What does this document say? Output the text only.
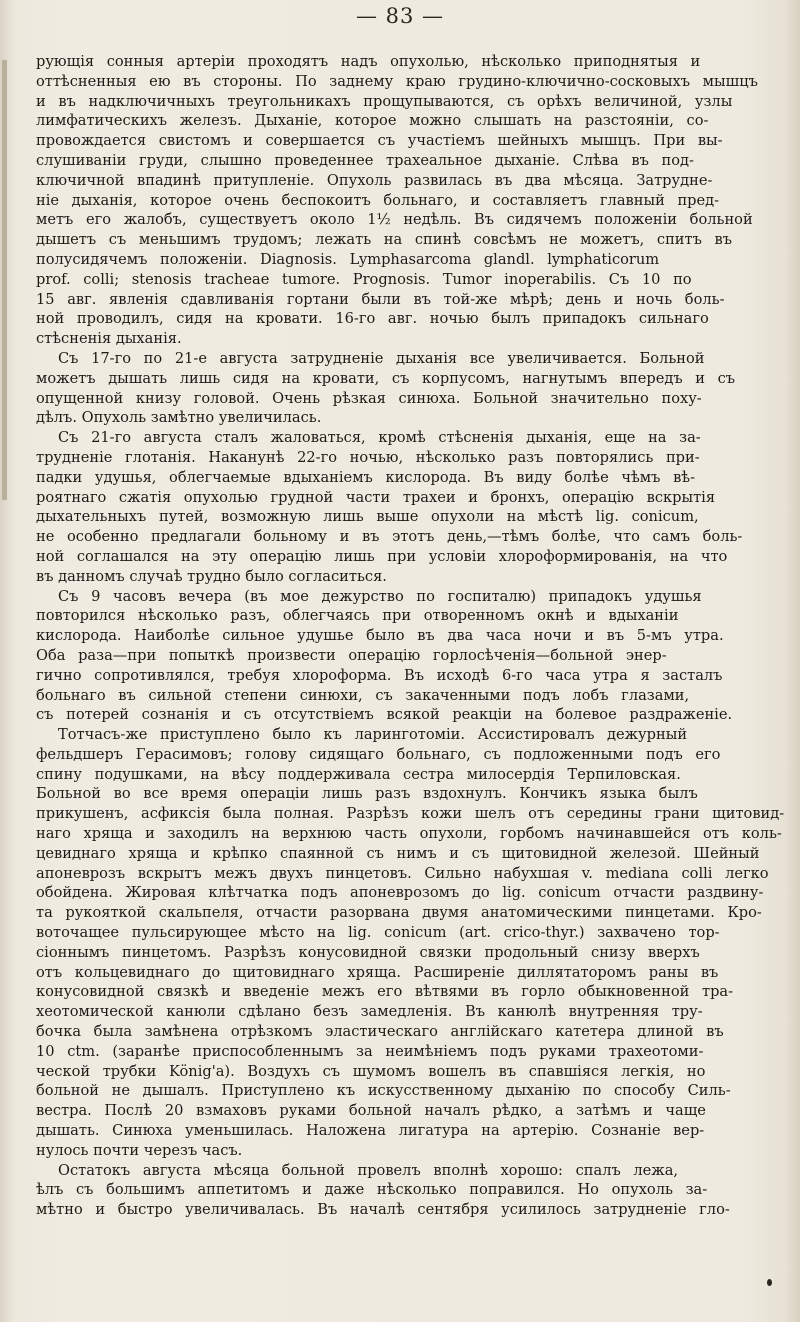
— 83 —

рующія сонныя артеріи проходятъ надъ опухолью, нѣсколько приподнятыя и
оттѣсненныя ею въ стороны. По заднему краю грудино-ключично-сосковыхъ мышцъ
и въ надключичныхъ треугольникахъ прощупываются, съ орѣхъ величиной, узлы
лимфатическихъ железъ. Дыханіе, которое можно слышать на разстояніи, со-
провождается свистомъ и совершается съ участіемъ шейныхъ мышцъ. При вы-
слушиваніи груди, слышно проведеннее трахеальное дыханіе. Слѣва въ под-
ключичной впадинѣ притупленіе. Опухоль развилась въ два мѣсяца. Затрудне-
ніе дыханія, которое очень беспокоитъ больнаго, и составляетъ главный пред-
метъ его жалобъ, существуетъ около 1½ недѣль. Въ сидячемъ положеніи больной
дышетъ съ меньшимъ трудомъ; лежать на спинѣ совсѣмъ не можетъ, спитъ въ
полусидячемъ положеніи. Diagnosis. Lymphasarcoma glandl. lymphaticorum
prof. colli; stenosis tracheae tumore. Prognosis. Tumor inoperabilis. Съ 10 по
15 авг. явленія сдавливанія гортани были въ той-же мѣрѣ; день и ночь боль-
ной проводилъ, сидя на кровати. 16-го авг. ночью былъ припадокъ сильнаго
стѣсненія дыханія.
Съ 17-го по 21-е августа затрудненіе дыханія все увеличивается. Больной
можетъ дышать лишь сидя на кровати, съ корпусомъ, нагнутымъ впередъ и съ
опущенной книзу головой. Очень рѣзкая синюха. Больной значительно поху-
дѣлъ. Опухоль замѣтно увеличилась.
Съ 21-го августа сталъ жаловаться, кромѣ стѣсненія дыханія, еще на за-
трудненіе глотанія. Наканунѣ 22-го ночью, нѣсколько разъ повторялись при-
падки удушья, облегчаемые вдыханіемъ кислорода. Въ виду болѣе чѣмъ вѣ-
роятнаго сжатія опухолью грудной части трахеи и бронхъ, операцію вскрытія
дыхательныхъ путей, возможную лишь выше опухоли на мѣстѣ lig. conicum,
не особенно предлагали больному и въ этотъ день,—тѣмъ болѣе, что самъ боль-
ной соглашался на эту операцію лишь при условіи хлороформированія, на что
въ данномъ случаѣ трудно было согласиться.
Съ 9 часовъ вечера (въ мое дежурство по госпиталю) припадокъ удушья
повторился нѣсколько разъ, облегчаясь при отворенномъ окнѣ и вдыханіи
кислорода. Наиболѣе сильное удушье было въ два часа ночи и въ 5-мъ утра.
Оба раза—при попыткѣ произвести операцію горлосѣченія—больной энер-
гично сопротивлялся, требуя хлороформа. Въ исходѣ 6-го часа утра я засталъ
больнаго въ сильной степени синюхи, съ закаченными подъ лобъ глазами,
съ потерей сознанія и съ отсутствіемъ всякой реакціи на болевое раздраженіе.
Тотчасъ-же приступлено было къ ларинготоміи. Ассистировалъ дежурный
фельдшеръ Герасимовъ; голову сидящаго больнаго, съ подложенными подъ его
спину подушками, на вѣсу поддерживала сестра милосердія Терпиловская.
Больной во все время операціи лишь разъ вздохнулъ. Кончикъ языка былъ
прикушенъ, асфиксія была полная. Разрѣзъ кожи шелъ отъ середины грани щитовид-
наго хряща и заходилъ на верхнюю часть опухоли, горбомъ начинавшейся отъ коль-
цевиднаго хряща и крѣпко спаянной съ нимъ и съ щитовидной железой. Шейный
апоневрозъ вскрытъ межъ двухъ пинцетовъ. Сильно набухшая v. mediana colli легко
обойдена. Жировая клѣтчатка подъ апоневрозомъ до lig. conicum отчасти раздвину-
та рукояткой скальпеля, отчасти разорвана двумя анатомическими пинцетами. Кро-
воточащее пульсирующее мѣсто на lig. conicum (art. crico-thyr.) захвачено тор-
сіоннымъ пинцетомъ. Разрѣзъ конусовидной связки продольный снизу вверхъ
отъ кольцевиднаго до щитовиднаго хряща. Расширеніе диллятаторомъ раны въ
конусовидной связкѣ и введеніе межъ его вѣтвями въ горло обыкновенной тра-
хеотомической канюли сдѣлано безъ замедленія. Въ канюлѣ внутренняя тру-
бочка была замѣнена отрѣзкомъ эластическаго англійскаго катетера длиной въ
10 ctm. (заранѣе приспособленнымъ за неимѣніемъ подъ руками трахеотоми-
ческой трубки König'а). Воздухъ съ шумомъ вошелъ въ спавшіяся легкія, но
больной не дышалъ. Приступлено къ искусственному дыханію по способу Силь-
вестра. Послѣ 20 взмаховъ руками больной началъ рѣдко, а затѣмъ и чаще
дышать. Синюха уменьшилась. Наложена лигатура на артерію. Сознаніе вер-
нулось почти черезъ часъ.
Остатокъ августа мѣсяца больной провелъ вполнѣ хорошо: спалъ лежа,
ѣлъ съ большимъ аппетитомъ и даже нѣсколько поправился. Но опухоль за-
мѣтно и быстро увеличивалась. Въ началѣ сентября усилилось затрудненіе гло-
